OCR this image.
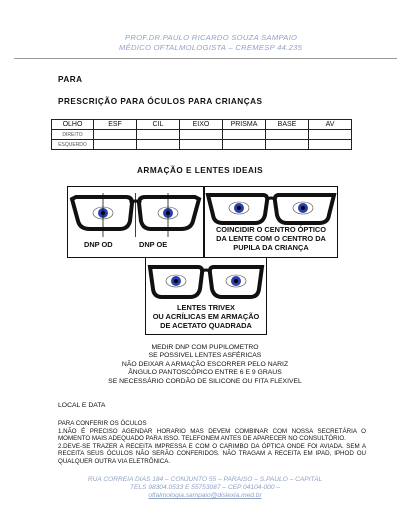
PROF.DR.PAULO RICARDO SOUZA SAMPAIO
MÉDICO OFTALMOLOGISTA – CREMESP 44.235
PARA
PRESCRIÇÃO PARA ÓCULOS PARA CRIANÇAS
OLHO	ESF	CIL	EIXO	PRISMA	BASE	AV
DIREITO						
ESQUERDO						
ARMAÇÃO E LENTES IDEAIS
DNP OD	DNP OE
COINCIDIR O CENTRO ÓPTICO
DA LENTE COM O CENTRO DA
PUPILA DA CRIANÇA
LENTES TRIVEX
OU ACRÍLICAS EM ARMAÇÃO
DE ACETATO QUADRADA
MEDIR DNP COM PUPILOMETRO
SE POSSIVEL LENTES ASFÉRICAS
NÃO DEIXAR A ARMAÇÃO ESCORRER PELO NARIZ
ÂNGULO PANTOSCÓPICO ENTRE 6 E 9 GRAUS
SE NECESSÁRIO CORDÃO DE SILICONE OU FITA FLEXIVEL
LOCAL E DATA
PARA CONFERIR OS ÓCULOS
1.NÃO É PRECISO AGENDAR HORARIO MAS DEVEM COMBINAR COM NOSSA SECRETÁRIA O MOMENTO MAIS ADEQUADO PARA ISSO. TELEFONEM ANTES DE APARECER NO CONSULTÓRIO.
2.DEVE-SE TRAZER A RECEITA IMPRESSA E COM O CARIMBO DA ÓPTICA ONDE FOI AVIADA. SEM A RECEITA SEUS ÓCULOS NÃO SERÃO CONFERIDOS. NÃO TRAGAM A RECEITA EM IPAD, IPHOD OU QUALQUER OUTRA VIA ELETRÔNICA.
RUA CORREIA DIAS 184 – CONJUNTO 55 – PARAISO – S.PAULO – CAPITAL
TELS 98304.0533 E 55753087 – CEP 04104-000 –
oftalmologia.sampaio@dislexia.med.br
